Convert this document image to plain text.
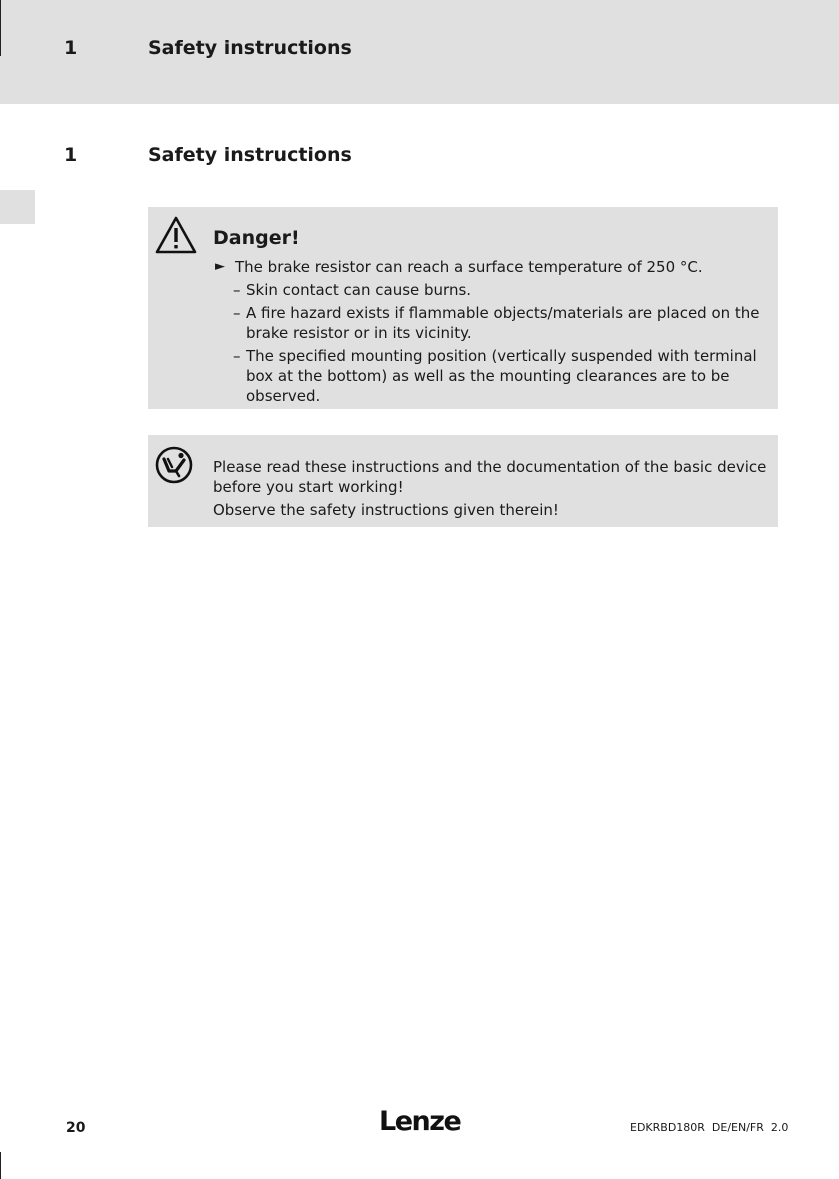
1	Safety instructions
1	Safety instructions
Danger!
► The brake resistor can reach a surface temperature of 250 °C.
– Skin contact can cause burns.
– A fire hazard exists if flammable objects/materials are placed on the brake resistor or in its vicinity.
– The specified mounting position (vertically suspended with terminal box at the bottom) as well as the mounting clearances are to be observed.
Please read these instructions and the documentation of the basic device before you start working!
Observe the safety instructions given therein!
20	Lenze	EDKRBD180R  DE/EN/FR  2.0
